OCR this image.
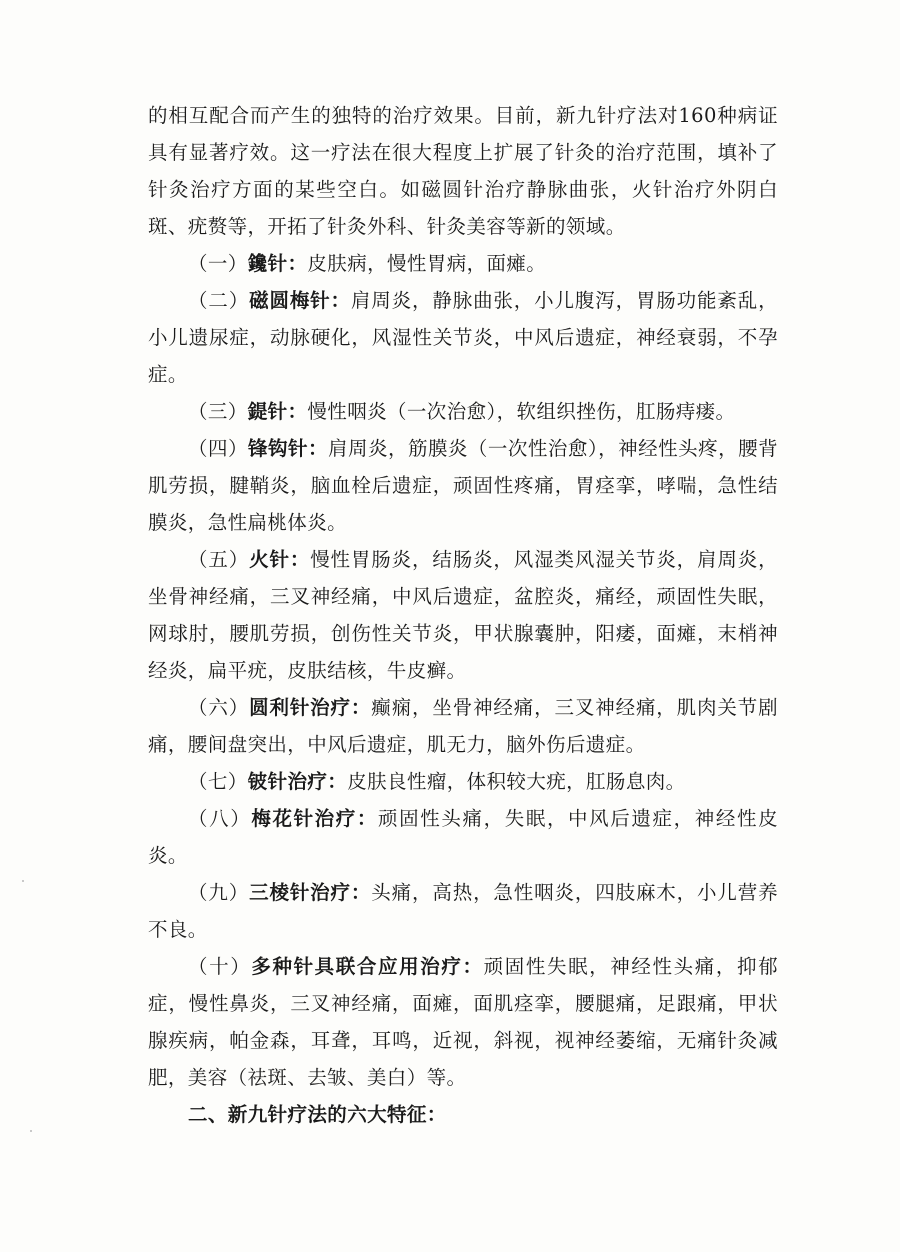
的相互配合而产生的独特的治疗效果。目前，新九针疗法对160种病证具有显著疗效。这一疗法在很大程度上扩展了针灸的治疗范围，填补了针灸治疗方面的某些空白。如磁圆针治疗静脉曲张，火针治疗外阴白斑、疣赘等，开拓了针灸外科、针灸美容等新的领域。

（一）鑱针：皮肤病，慢性胃病，面瘫。

（二）磁圆梅针：肩周炎，静脉曲张，小儿腹泻，胃肠功能紊乱，小儿遗尿症，动脉硬化，风湿性关节炎，中风后遗症，神经衰弱，不孕症。

（三）鍉针：慢性咽炎（一次治愈），软组织挫伤，肛肠痔瘘。

（四）锋钩针：肩周炎，筋膜炎（一次性治愈），神经性头疼，腰背肌劳损，腱鞘炎，脑血栓后遗症，顽固性疼痛，胃痉挛，哮喘，急性结膜炎，急性扁桃体炎。

（五）火针：慢性胃肠炎，结肠炎，风湿类风湿关节炎，肩周炎，坐骨神经痛，三叉神经痛，中风后遗症，盆腔炎，痛经，顽固性失眠，网球肘，腰肌劳损，创伤性关节炎，甲状腺囊肿，阳痿，面瘫，末梢神经炎，扁平疣，皮肤结核，牛皮癣。

（六）圆利针治疗：癫痫，坐骨神经痛，三叉神经痛，肌肉关节剧痛，腰间盘突出，中风后遗症，肌无力，脑外伤后遗症。

（七）铍针治疗：皮肤良性瘤，体积较大疣，肛肠息肉。

（八）梅花针治疗：顽固性头痛，失眠，中风后遗症，神经性皮炎。

（九）三棱针治疗：头痛，高热，急性咽炎，四肢麻木，小儿营养不良。

（十）多种针具联合应用治疗：顽固性失眠，神经性头痛，抑郁症，慢性鼻炎，三叉神经痛，面瘫，面肌痉挛，腰腿痛，足跟痛，甲状腺疾病，帕金森，耳聋，耳鸣，近视，斜视，视神经萎缩，无痛针灸减肥，美容（祛斑、去皱、美白）等。

二、新九针疗法的六大特征：
